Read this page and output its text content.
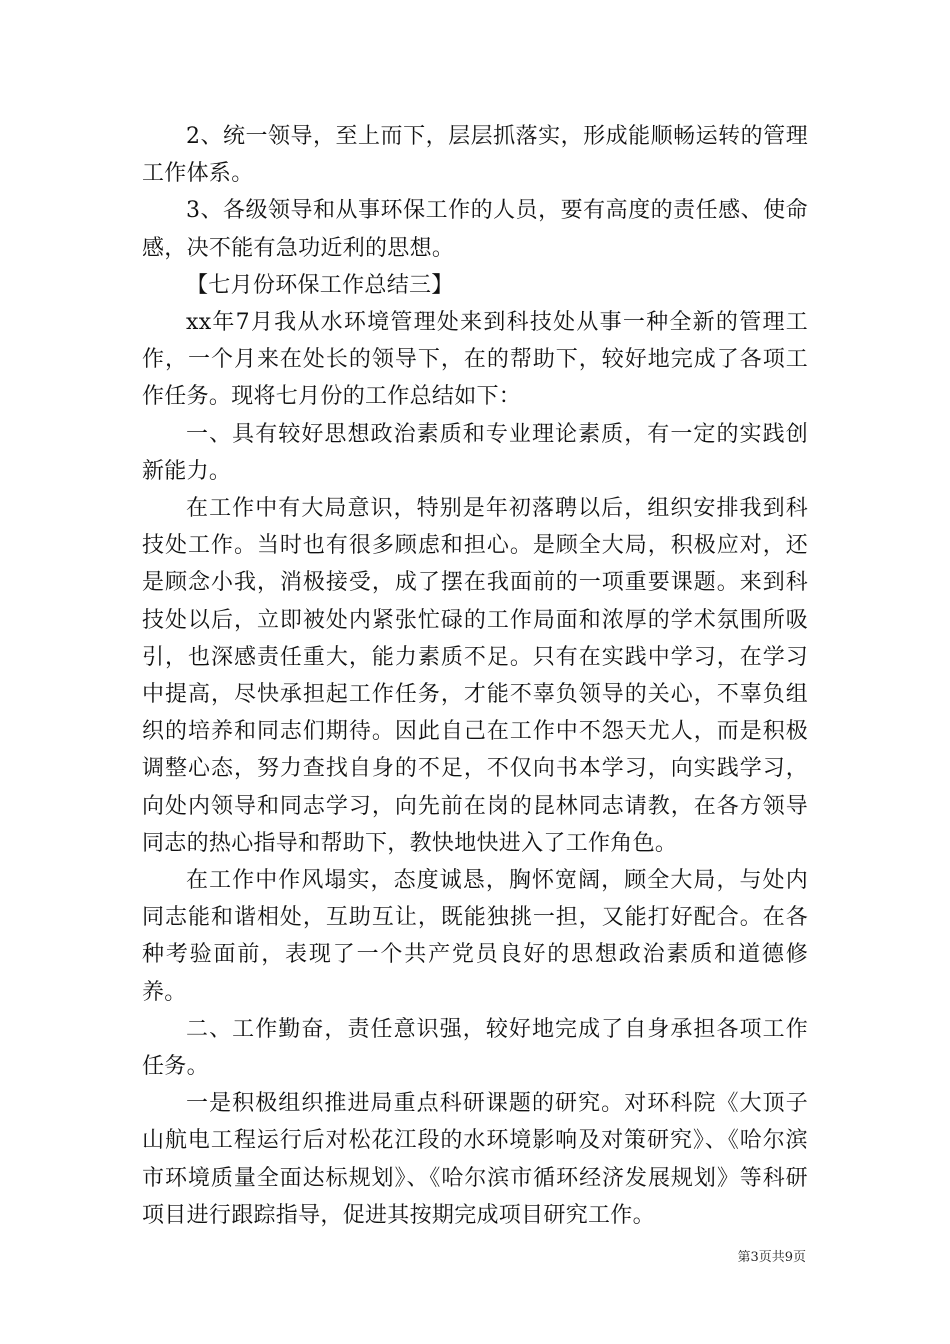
2、统一领导，至上而下，层层抓落实，形成能顺畅运转的管理工作体系。

3、各级领导和从事环保工作的人员，要有高度的责任感、使命感，决不能有急功近利的思想。

【七月份环保工作总结三】

xx年7月我从水环境管理处来到科技处从事一种全新的管理工作，一个月来在处长的领导下，在的帮助下，较好地完成了各项工作任务。现将七月份的工作总结如下：

一、具有较好思想政治素质和专业理论素质，有一定的实践创新能力。

在工作中有大局意识，特别是年初落聘以后，组织安排我到科技处工作。当时也有很多顾虑和担心。是顾全大局，积极应对，还是顾念小我，消极接受，成了摆在我面前的一项重要课题。来到科技处以后，立即被处内紧张忙碌的工作局面和浓厚的学术氛围所吸引，也深感责任重大，能力素质不足。只有在实践中学习，在学习中提高，尽快承担起工作任务，才能不辜负领导的关心，不辜负组织的培养和同志们期待。因此自己在工作中不怨天尤人，而是积极调整心态，努力查找自身的不足，不仅向书本学习，向实践学习，向处内领导和同志学习，向先前在岗的昆林同志请教，在各方领导同志的热心指导和帮助下，教快地快进入了工作角色。

在工作中作风塌实，态度诚恳，胸怀宽阔，顾全大局，与处内同志能和谐相处，互助互让，既能独挑一担，又能打好配合。在各种考验面前，表现了一个共产党员良好的思想政治素质和道德修养。

二、工作勤奋，责任意识强，较好地完成了自身承担各项工作任务。

一是积极组织推进局重点科研课题的研究。对环科院《大顶子山航电工程运行后对松花江段的水环境影响及对策研究》、《哈尔滨市环境质量全面达标规划》、《哈尔滨市循环经济发展规划》等科研项目进行跟踪指导，促进其按期完成项目研究工作。

第3页共9页
